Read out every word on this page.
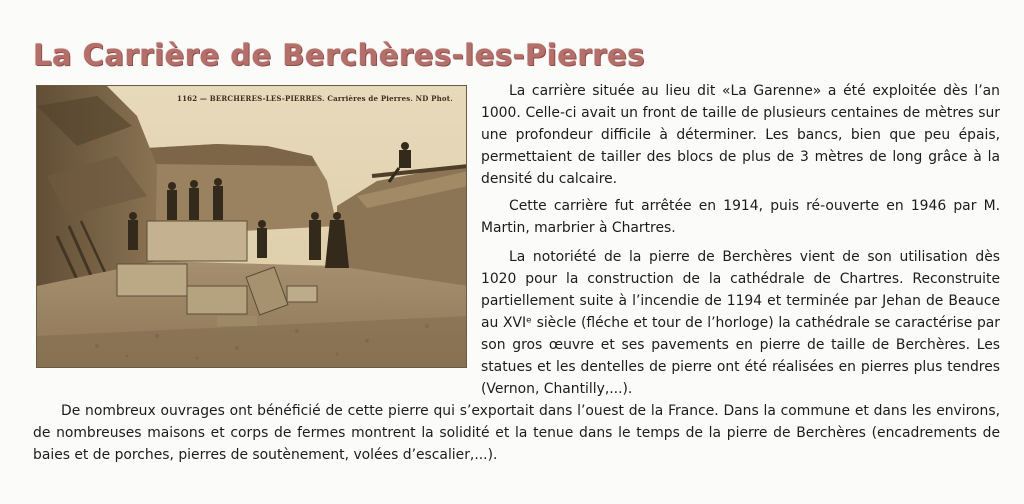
La Carrière de Berchères-les-Pierres
1162 — BERCHERES-LES-PIERRES. Carrières de Pierres. ND Phot.	La carrière située au lieu dit «La Garenne» a été exploitée dès l’an 1000. Celle-ci avait un front de taille de plusieurs centaines de mètres sur une profondeur difficile à déterminer. Les bancs, bien que peu épais, permettaient de tailler des blocs de plus de 3 mètres de long grâce à la densité du calcaire.

Cette carrière fut arrêtée en 1914, puis ré-ouverte en 1946 par M. Martin, marbrier à Chartres.

La notoriété de la pierre de Berchères vient de son utilisation dès 1020 pour la construction de la cathédrale de Chartres. Reconstruite partiellement suite à l’incendie de 1194 et terminée par Jehan de Beauce au XVIᵉ siècle (fléche et tour de l’horloge) la cathédrale se caractérise par son gros œuvre et ses pavements en pierre de taille de Berchères. Les statues et les dentelles de pierre ont été réalisées en pierres plus tendres (Vernon, Chantilly,...).

De nombreux ouvrages ont bénéficié de cette pierre qui s’exportait dans l’ouest de la France. Dans la commune et dans les environs, de nombreuses maisons et corps de fermes montrent la solidité et la tenue dans le temps de la pierre de Berchères (encadrements de baies et de porches, pierres de soutènement, volées d’escalier,...).
